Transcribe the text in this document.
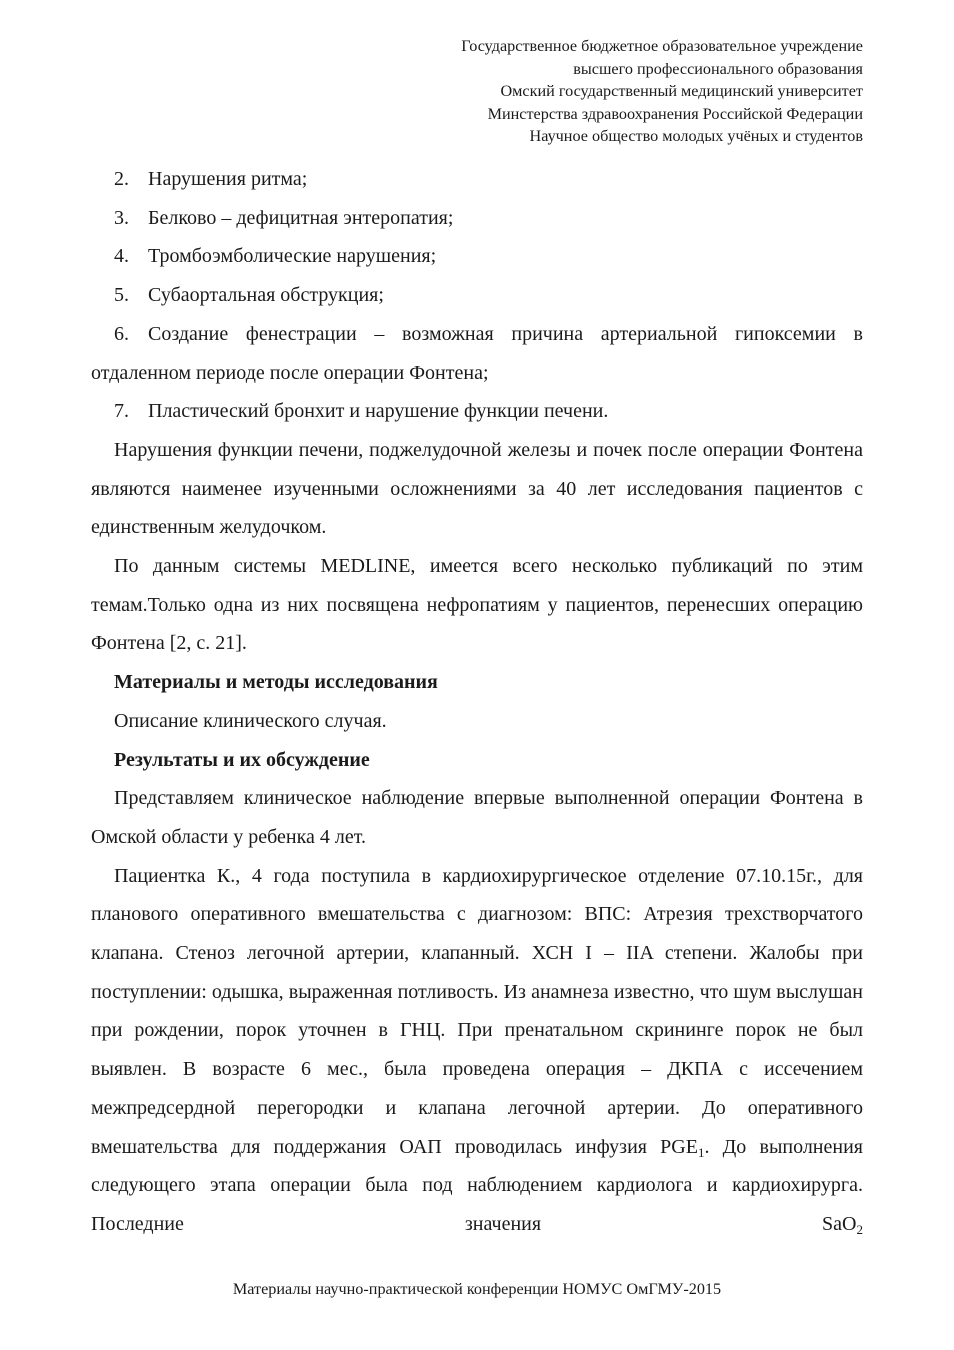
Государственное бюджетное образовательное учреждение
высшего профессионального образования
Омский государственный медицинский университет
Минстерства здравоохранения Российской Федерации
Научное общество молодых учёных и студентов

2. Нарушения ритма;

3. Белково – дефицитная энтеропатия;

4. Тромбоэмболические нарушения;

5. Субаортальная обструкция;

6. Создание фенестрации – возможная причина артериальной гипоксемии в отдаленном периоде после операции Фонтена;

7. Пластический бронхит и нарушение функции печени.

Нарушения функции печени, поджелудочной железы и почек после операции Фонтена являются наименее изученными осложнениями за 40 лет исследования пациентов с единственным желудочком.

По данным системы MEDLINE, имеется всего несколько публикаций по этим темам.Только одна из них посвящена нефропатиям у пациентов, перенесших операцию Фонтена [2, с. 21].

Материалы и методы исследования

Описание клинического случая.

Результаты и их обсуждение

Представляем клиническое наблюдение впервые выполненной операции Фонтена в Омской области у ребенка 4 лет.

Пациентка К., 4 года поступила в кардиохирургическое отделение 07.10.15г., для планового оперативного вмешательства с диагнозом: ВПС: Атрезия трехстворчатого клапана. Стеноз легочной артерии, клапанный. ХСН I – IIA степени. Жалобы при поступлении: одышка, выраженная потливость. Из анамнеза известно, что шум выслушан при рождении, порок уточнен в ГНЦ. При пренатальном скрининге порок не был выявлен. В возрасте 6 мес., была проведена операция – ДКПА с иссечением межпредсердной перегородки и клапана легочной артерии. До оперативного вмешательства для поддержания ОАП проводилась инфузия $PGE_1$. До выполнения следующего этапа операции была под наблюдением кардиолога и кардиохирурга. Последние значения SaO$_2$

Материалы научно-практической конференции НОМУС ОмГМУ-2015
